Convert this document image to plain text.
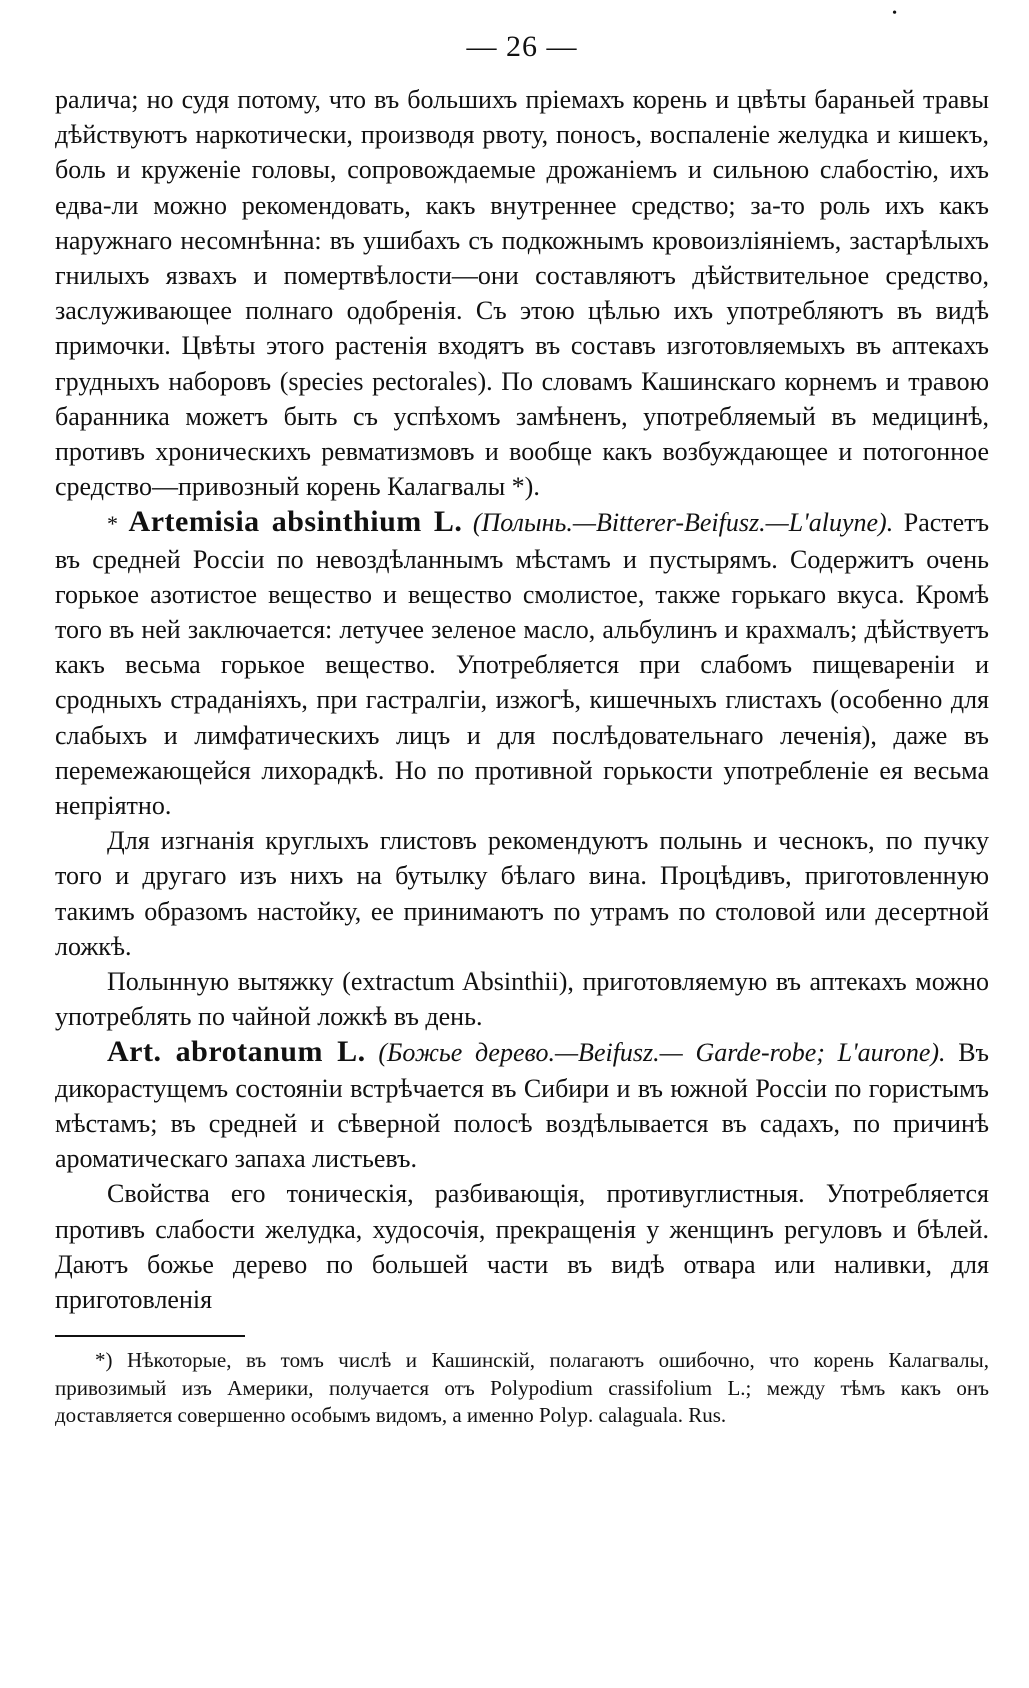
•
— 26 —

ралича; но судя потому, что въ большихъ пріемахъ корень и цвѣты бараньей травы дѣйствуютъ наркотически, производя рвоту, поносъ, воспаленіе желудка и кишекъ, боль и круженіе головы, сопровождаемые дрожаніемъ и сильною слабостію, ихъ едва-ли можно рекомендовать, какъ внутреннее средство; за-то роль ихъ какъ наружнаго несомнѣнна: въ ушибахъ съ подкожнымъ кровоизліяніемъ, застарѣлыхъ гнилыхъ язвахъ и помертвѣлости—они составляютъ дѣйствительное средство, заслуживающее полнаго одобренія. Съ этою цѣлью ихъ употребляютъ въ видѣ примочки. Цвѣты этого растенія входятъ въ составъ изготовляемыхъ въ аптекахъ грудныхъ наборовъ (species pectorales). По словамъ Кашинскаго корнемъ и травою баранника можетъ быть съ успѣхомъ замѣненъ, употребляемый въ медицинѣ, противъ хроническихъ ревматизмовъ и вообще какъ возбуждающее и потогонное средство—привозный корень Калагвалы *).

* Artemisia absinthium L. (Полынь.—Bitterer-Beifusz.—L'aluyne). Растетъ въ средней Россіи по невоздѣланнымъ мѣстамъ и пустырямъ. Содержитъ очень горькое азотистое вещество и вещество смолистое, также горькаго вкуса. Кромѣ того въ ней заключается: летучее зеленое масло, альбулинъ и крахмалъ; дѣйствуетъ какъ весьма горькое вещество. Употребляется при слабомъ пищевареніи и сродныхъ страданіяхъ, при гастралгіи, изжогѣ, кишечныхъ глистахъ (особенно для слабыхъ и лимфатическихъ лицъ и для послѣдовательнаго леченія), даже въ перемежающейся лихорадкѣ. Но по противной горькости употребленіе ея весьма непріятно.

Для изгнанія круглыхъ глистовъ рекомендуютъ полынь и чеснокъ, по пучку того и другаго изъ нихъ на бутылку бѣлаго вина. Процѣдивъ, приготовленную такимъ образомъ настойку, ее принимаютъ по утрамъ по столовой или десертной ложкѣ.

Полынную вытяжку (extractum Absinthii), приготовляемую въ аптекахъ можно употреблять по чайной ложкѣ въ день.

Art. abrotanum L. (Божье дерево.—Beifusz.— Garde-robe; L'aurone). Въ дикорастущемъ состояніи встрѣчается въ Сибири и въ южной Россіи по гористымъ мѣстамъ; въ средней и сѣверной полосѣ воздѣлывается въ садахъ, по причинѣ ароматическаго запаха листьевъ.

Свойства его тоническія, разбивающія, противуглистныя. Употребляется противъ слабости желудка, худосочія, прекращенія у женщинъ регуловъ и бѣлей. Даютъ божье дерево по большей части въ видѣ отвара или наливки, для приготовленія

*) Нѣкоторые, въ томъ числѣ и Кашинскій, полагаютъ ошибочно, что корень Калагвалы, привозимый изъ Америки, получается отъ Polypodium crassifolium L.; между тѣмъ какъ онъ доставляется совершенно особымъ видомъ, а именно Polyp. calaguala. Rus.
